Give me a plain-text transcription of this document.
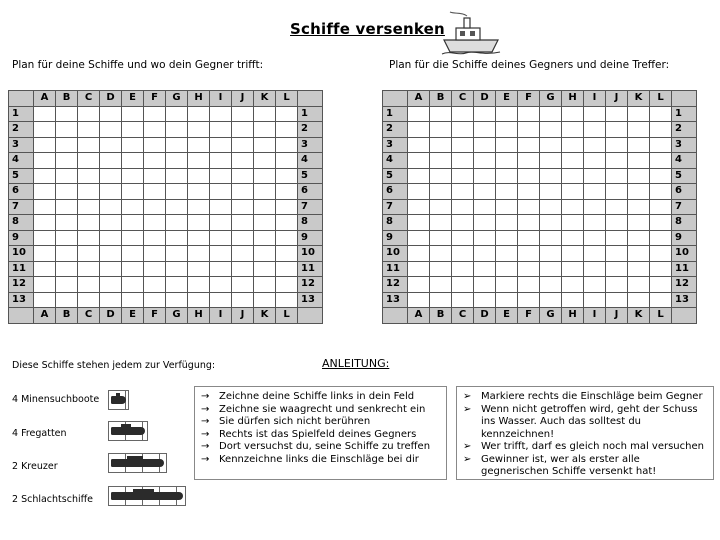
Schiffe versenken
Plan für deine Schiffe und wo dein Gegner trifft:	Plan für die Schiffe deines Gegners und deine Treffer:
	A	B	C	D	E	F	G	H	I	J	K	L	
1													1
2													2
3													3
4													4
5													5
6													6
7													7
8													8
9													9
10													10
11													11
12													12
13													13
	A	B	C	D	E	F	G	H	I	J	K	L	
	A	B	C	D	E	F	G	H	I	J	K	L	
1													1
2													2
3													3
4													4
5													5
6													6
7													7
8													8
9													9
10													10
11													11
12													12
13													13
	A	B	C	D	E	F	G	H	I	J	K	L	
Diese Schiffe stehen jedem zur Verfügung:	ANLEITUNG:
4 Minensuchboote
4 Fregatten
2 Kreuzer
2 Schlachtschiffe
→ Zeichne deine Schiffe links in dein Feld
→ Zeichne sie waagrecht und senkrecht ein
→ Sie dürfen sich nicht berühren
→ Rechts ist das Spielfeld deines Gegners
→ Dort versuchst du, seine Schiffe zu treffen
→ Kennzeichne links die Einschläge bei dir
➢ Markiere rechts die Einschläge beim Gegner
➢ Wenn nicht getroffen wird, geht der Schuss ins Wasser. Auch das solltest du kennzeichnen!
➢ Wer trifft, darf es gleich noch mal versuchen
➢ Gewinner ist, wer als erster alle gegnerischen Schiffe versenkt hat!
